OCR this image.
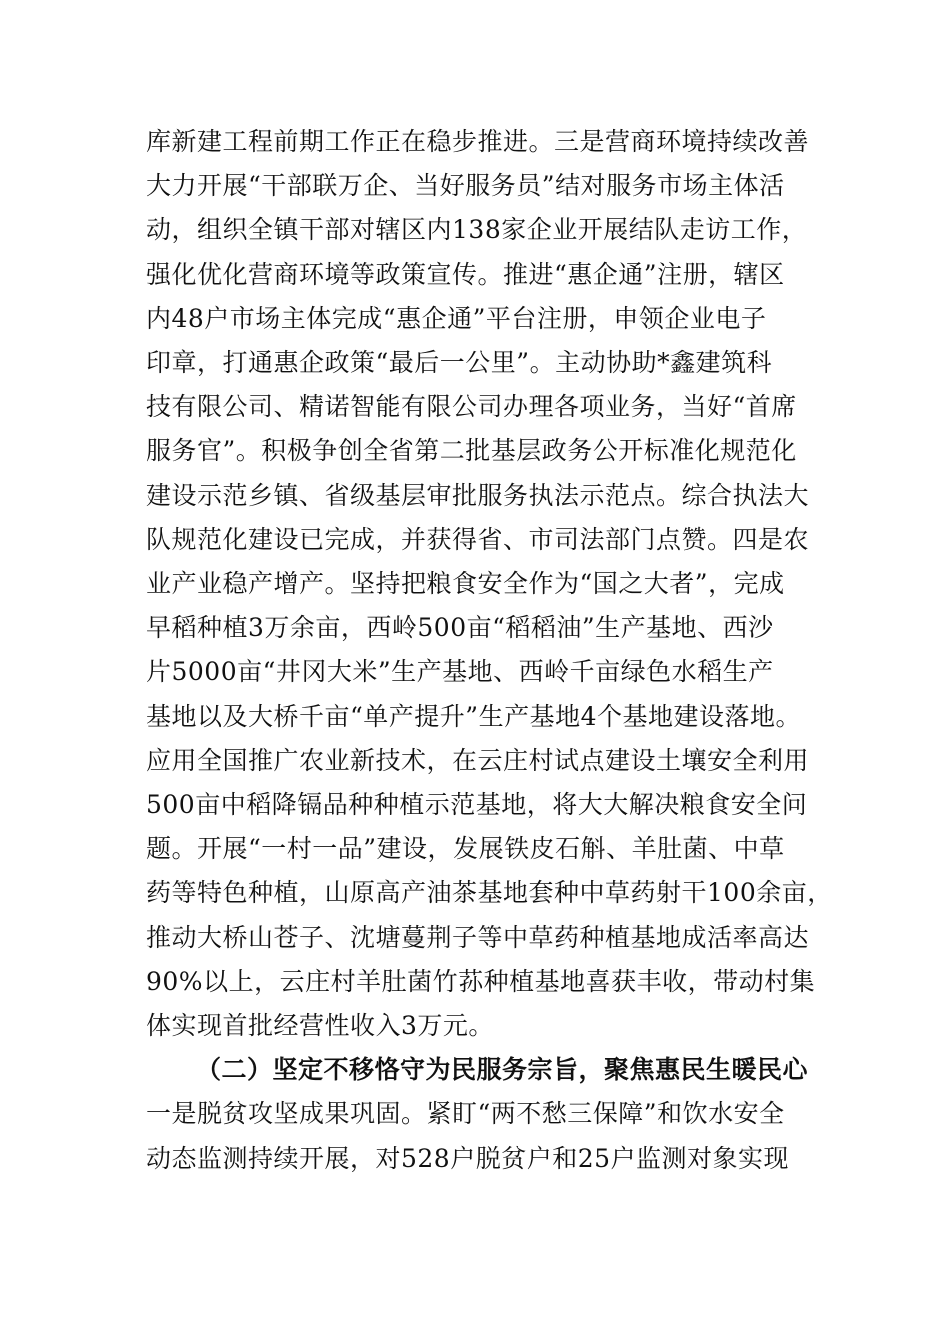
库新建工程前期工作正在稳步推进。三是营商环境持续改善
大力开展“干部联万企、当好服务员”结对服务市场主体活
动，组织全镇干部对辖区内138家企业开展结队走访工作，
强化优化营商环境等政策宣传。推进“惠企通”注册，辖区
内48户市场主体完成“惠企通”平台注册，申领企业电子
印章，打通惠企政策“最后一公里”。主动协助*鑫建筑科
技有限公司、精诺智能有限公司办理各项业务，当好“首席
服务官”。积极争创全省第二批基层政务公开标准化规范化
建设示范乡镇、省级基层审批服务执法示范点。综合执法大
队规范化建设已完成，并获得省、市司法部门点赞。四是农
业产业稳产增产。坚持把粮食安全作为“国之大者”，完成
早稻种植3万余亩，西岭500亩“稻稻油”生产基地、西沙
片5000亩“井冈大米”生产基地、西岭千亩绿色水稻生产
基地以及大桥千亩“单产提升”生产基地4个基地建设落地。
应用全国推广农业新技术，在云庄村试点建设土壤安全利用
500亩中稻降镉品种种植示范基地，将大大解决粮食安全问
题。开展“一村一品”建设，发展铁皮石斛、羊肚菌、中草
药等特色种植，山原高产油茶基地套种中草药射干100余亩，
推动大桥山苍子、沈塘蔓荆子等中草药种植基地成活率高达
90%以上，云庄村羊肚菌竹荪种植基地喜获丰收，带动村集
体实现首批经营性收入3万元。
（二）坚定不移恪守为民服务宗旨，聚焦惠民生暖民心
一是脱贫攻坚成果巩固。紧盯“两不愁三保障”和饮水安全
动态监测持续开展，对528户脱贫户和25户监测对象实现
